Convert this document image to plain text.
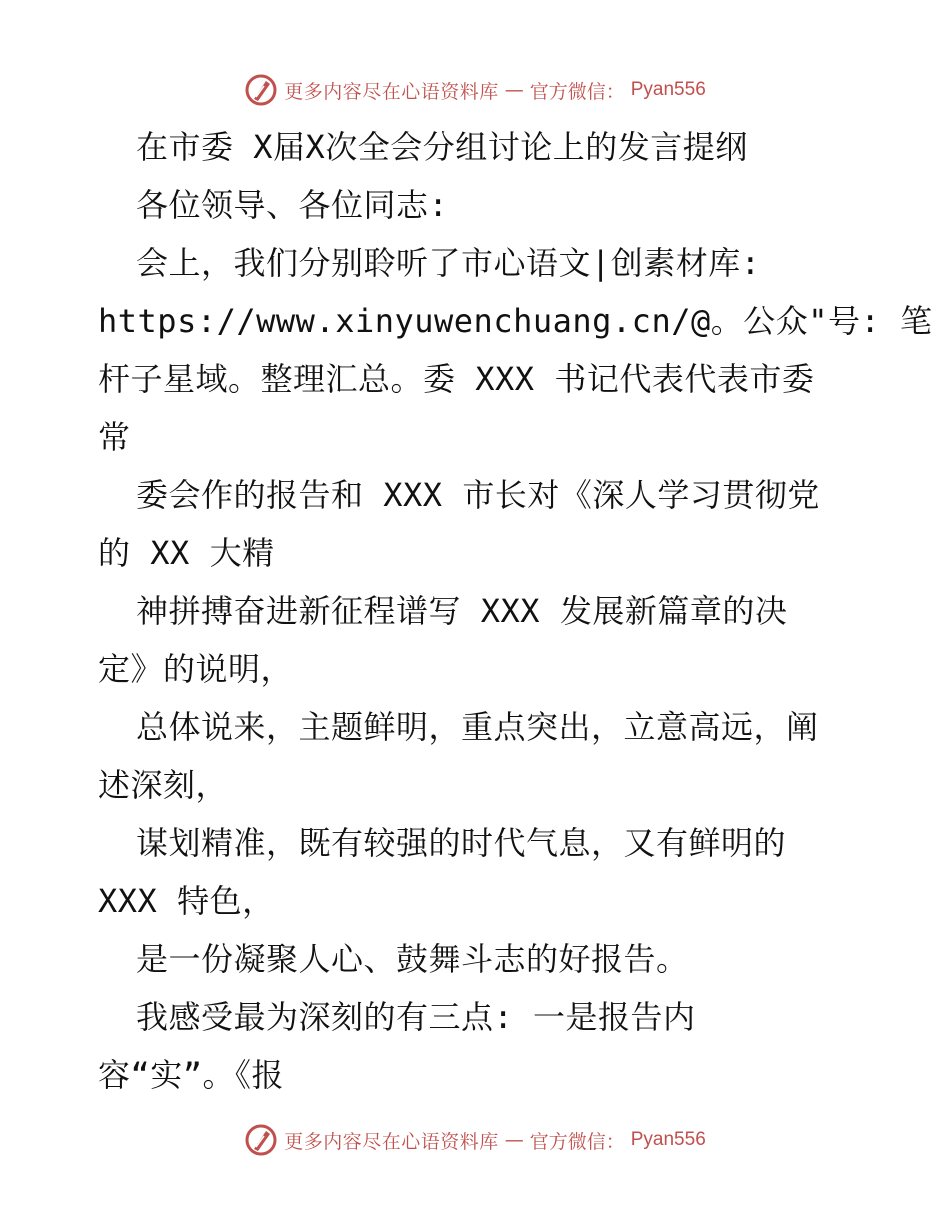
更多内容尽在心语资料库 — 官方微信： Pyan556
在市委 X届X次全会分组讨论上的发言提纲
各位领导、各位同志:
会上，我们分别聆听了市心语文|创素材库:
https://www.xinyuwenchuang.cn/@。公众"号: 笔
杆子星域。整理汇总。委 XXX 书记代表代表市委
常
委会作的报告和 XXX 市长对《深人学习贯彻党
的 XX 大精
神拼搏奋进新征程谱写 XXX 发展新篇章的决
定》的说明，
总体说来，主题鲜明，重点突出，立意高远，阐
述深刻，
谋划精准，既有较强的时代气息，又有鲜明的
XXX 特色，
是一份凝聚人心、鼓舞斗志的好报告。
我感受最为深刻的有三点: 一是报告内
容“实”。《报
更多内容尽在心语资料库 — 官方微信： Pyan556
